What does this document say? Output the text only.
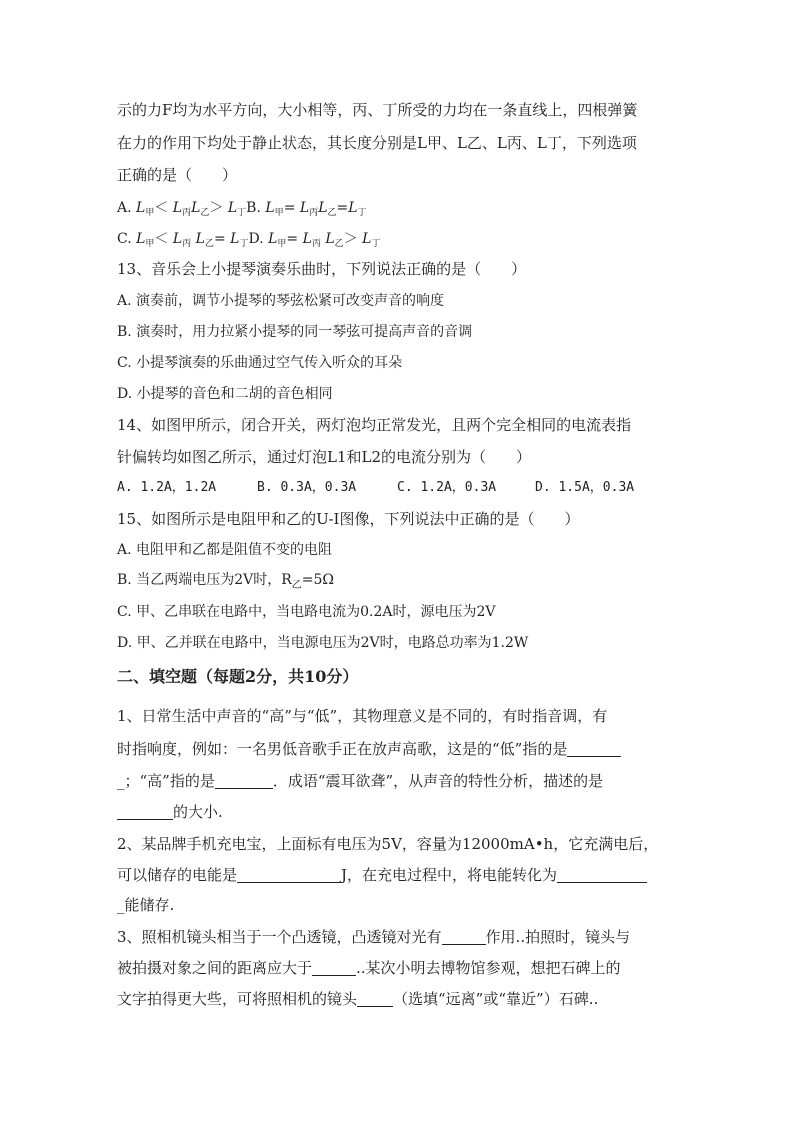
示的力F均为水平方向，大小相等，丙、丁所受的力均在一条直线上，四根弹簧
在力的作用下均处于静止状态，其长度分别是L甲、L乙、L丙、L丁，下列选项
正确的是（　　）
A. $L_甲< L_丙L_乙> L_丁B$. $L_甲= L_丙L_乙=L_丁$
C. $L_甲< L_丙$ $L_乙= L_丁D$. $L_甲= L_丙$ $L_乙> L_丁$
13、音乐会上小提琴演奏乐曲时，下列说法正确的是（　　）
A. 演奏前，调节小提琴的琴弦松紧可改变声音的响度
B. 演奏时，用力拉紧小提琴的同一琴弦可提高声音的音调
C. 小提琴演奏的乐曲通过空气传入听众的耳朵
D. 小提琴的音色和二胡的音色相同
14、如图甲所示，闭合开关，两灯泡均正常发光，且两个完全相同的电流表指
针偏转均如图乙所示，通过灯泡L1和L2的电流分别为（　　）
A. 1.2A，1.2A	B. 0.3A，0.3A	C. 1.2A，0.3A	D. 1.5A，0.3A
15、如图所示是电阻甲和乙的U-I图像，下列说法中正确的是（　　）
A. 电阻甲和乙都是阻值不变的电阻
B. 当乙两端电压为2V时，$R_乙=5\Omega$
C. 甲、乙串联在电路中，当电路电流为0.2A时，源电压为2V
D. 甲、乙并联在电路中，当电源电压为2V时，电路总功率为1.2W
二、填空题（每题2分，共10分）
1、日常生活中声音的“高”与“低”，其物理意义是不同的，有时指音调，有
时指响度，例如：一名男低音歌手正在放声高歌，这是的“低”指的是
_；“高”指的是	．成语“震耳欲聋”，从声音的特性分析，描述的是
的大小.
2、某品牌手机充电宝，上面标有电压为5V，容量为12000mA•h，它充满电后，
可以储存的电能是	J，在充电过程中，将电能转化为
_能储存.
3、照相机镜头相当于一个凸透镜，凸透镜对光有	作用..拍照时，镜头与
被拍摄对象之间的距离应大于	..某次小明去博物馆参观，想把石碑上的
文字拍得更大些，可将照相机的镜头 （选填“远离”或“靠近”）石碑..
